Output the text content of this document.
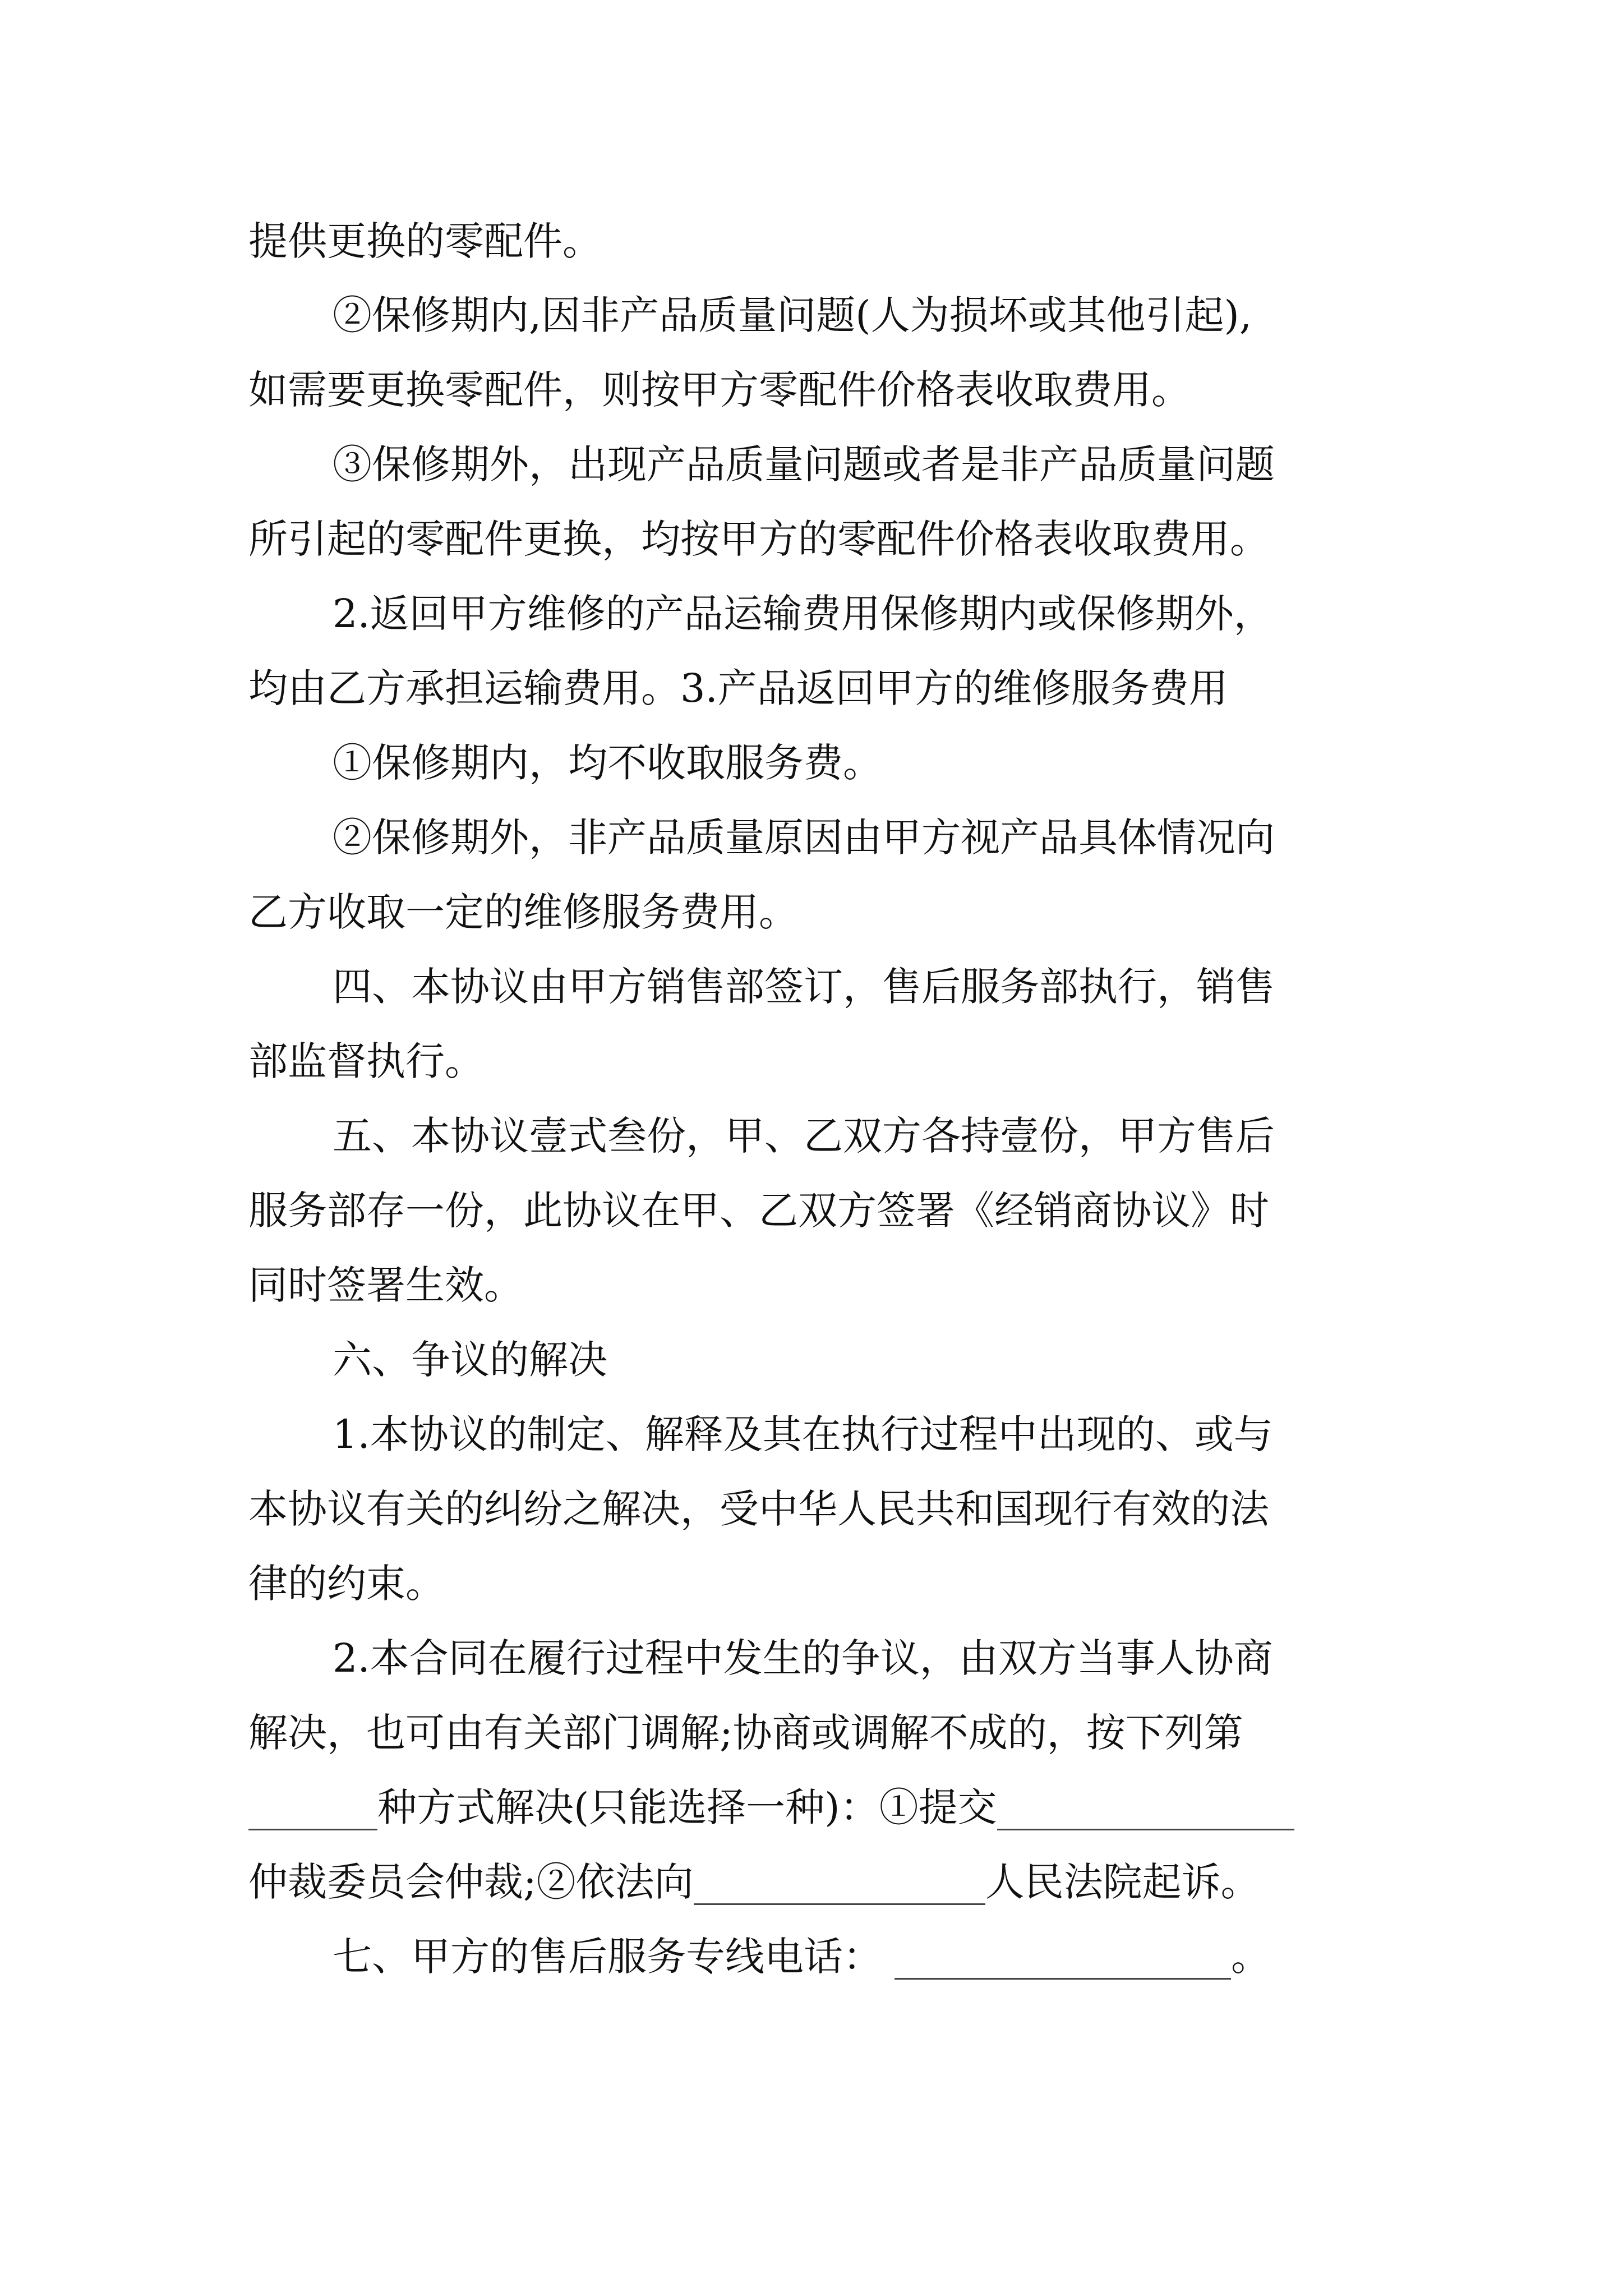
提供更换的零配件。
②保修期内,因非产品质量问题(人为损坏或其他引起),
如需要更换零配件，则按甲方零配件价格表收取费用。
③保修期外，出现产品质量问题或者是非产品质量问题
所引起的零配件更换，均按甲方的零配件价格表收取费用。
2.返回甲方维修的产品运输费用保修期内或保修期外，
均由乙方承担运输费用。3.产品返回甲方的维修服务费用
①保修期内，均不收取服务费。
②保修期外，非产品质量原因由甲方视产品具体情况向
乙方收取一定的维修服务费用。
四、本协议由甲方销售部签订，售后服务部执行，销售
部监督执行。
五、本协议壹式叁份，甲、乙双方各持壹份，甲方售后
服务部存一份，此协议在甲、乙双方签署《经销商协议》时
同时签署生效。
六、争议的解决
1.本协议的制定、解释及其在执行过程中出现的、或与
本协议有关的纠纷之解决，受中华人民共和国现行有效的法
律的约束。
2.本合同在履行过程中发生的争议，由双方当事人协商
解决，也可由有关部门调解;协商或调解不成的，按下列第
种方式解决(只能选择一种)：①提交
仲裁委员会仲裁;②依法向	人民法院起诉。
七、甲方的售后服务专线电话：	。
